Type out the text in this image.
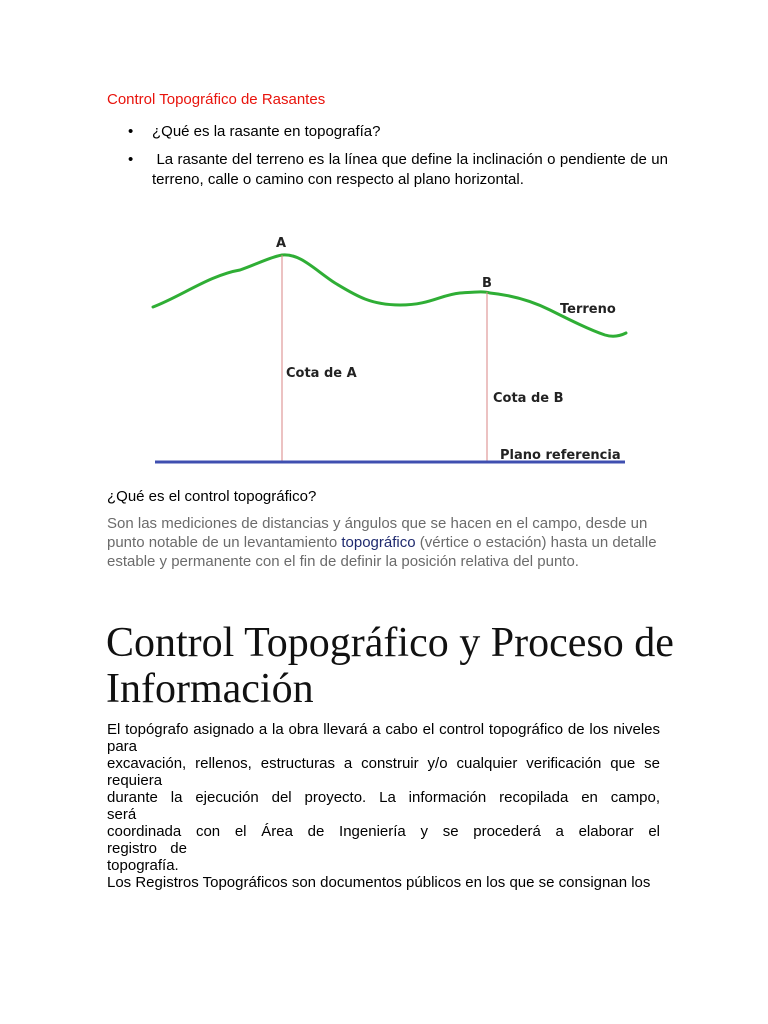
Control Topográfico de Rasantes
•	¿Qué es la rasante en topografía?
•	La rasante del terreno es la línea que define la inclinación o pendiente de un terreno, calle o camino con respecto al plano horizontal.
A
B
Terreno
Cota de A
Cota de B
Plano referencia
¿Qué es el control topográfico?
Son las mediciones de distancias y ángulos que se hacen en el campo, desde un punto notable de un levantamiento topográfico (vértice o estación) hasta un detalle estable y permanente con el fin de definir la posición relativa del punto.
Control Topográfico y Proceso de Información
El topógrafo asignado a la obra llevará a cabo el control topográfico de los niveles
para
excavación, rellenos, estructuras a construir y/o cualquier verificación que se
requiera
durante la ejecución del proyecto. La información recopilada en campo,
será
coordinada con el Área de Ingeniería y se procederá a elaborar el
registro de
topografía.
Los Registros Topográficos son documentos públicos en los que se consignan los
